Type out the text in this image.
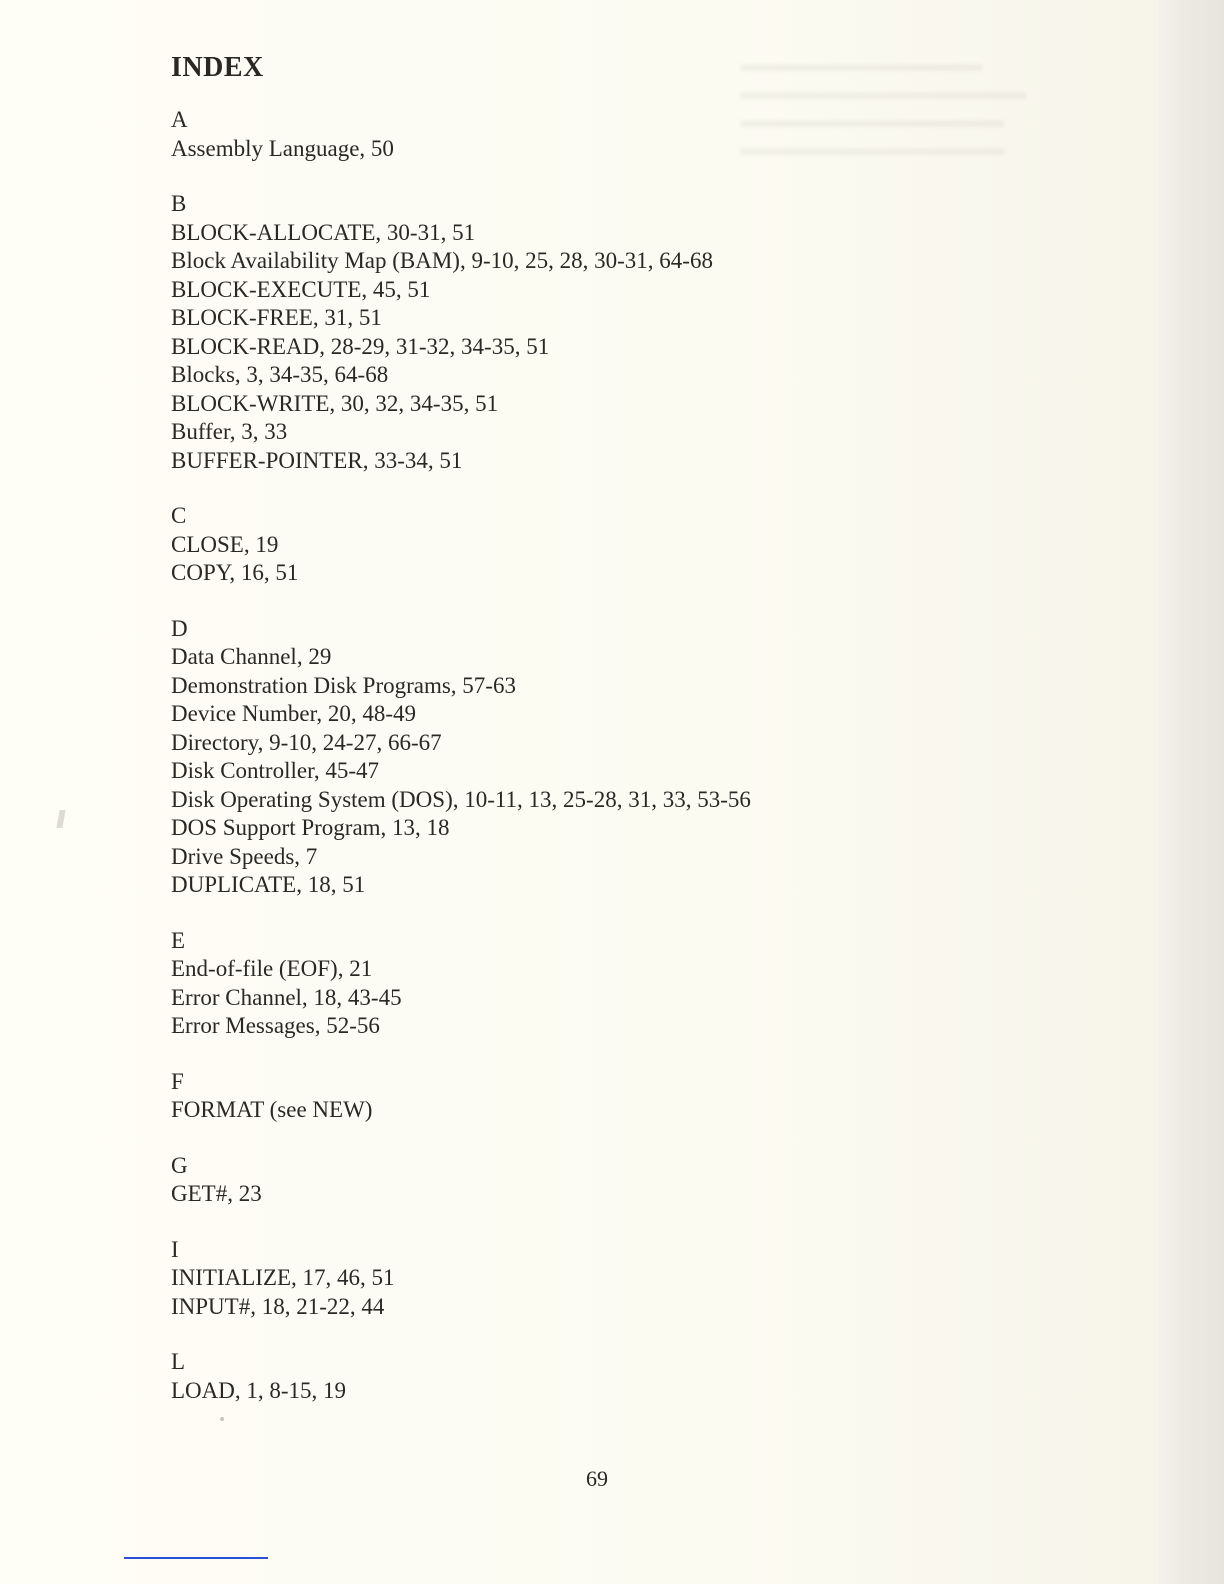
▬▬▬▬▬▬▬▬▬▬▬
▬▬▬▬▬▬▬▬▬▬▬▬▬
▬▬▬▬▬▬▬▬▬▬▬▬
▬▬▬▬▬▬▬▬▬▬▬▬
INDEX
A
Assembly Language, 50
B
BLOCK-ALLOCATE, 30-31, 51
Block Availability Map (BAM), 9-10, 25, 28, 30-31, 64-68
BLOCK-EXECUTE, 45, 51
BLOCK-FREE, 31, 51
BLOCK-READ, 28-29, 31-32, 34-35, 51
Blocks, 3, 34-35, 64-68
BLOCK-WRITE, 30, 32, 34-35, 51
Buffer, 3, 33
BUFFER-POINTER, 33-34, 51
C
CLOSE, 19
COPY, 16, 51
D
Data Channel, 29
Demonstration Disk Programs, 57-63
Device Number, 20, 48-49
Directory, 9-10, 24-27, 66-67
Disk Controller, 45-47
Disk Operating System (DOS), 10-11, 13, 25-28, 31, 33, 53-56
DOS Support Program, 13, 18
Drive Speeds, 7
DUPLICATE, 18, 51
E
End-of-file (EOF), 21
Error Channel, 18, 43-45
Error Messages, 52-56
F
FORMAT (see NEW)
G
GET#, 23
I
INITIALIZE, 17, 46, 51
INPUT#, 18, 21-22, 44
L
LOAD, 1, 8-15, 19
69
